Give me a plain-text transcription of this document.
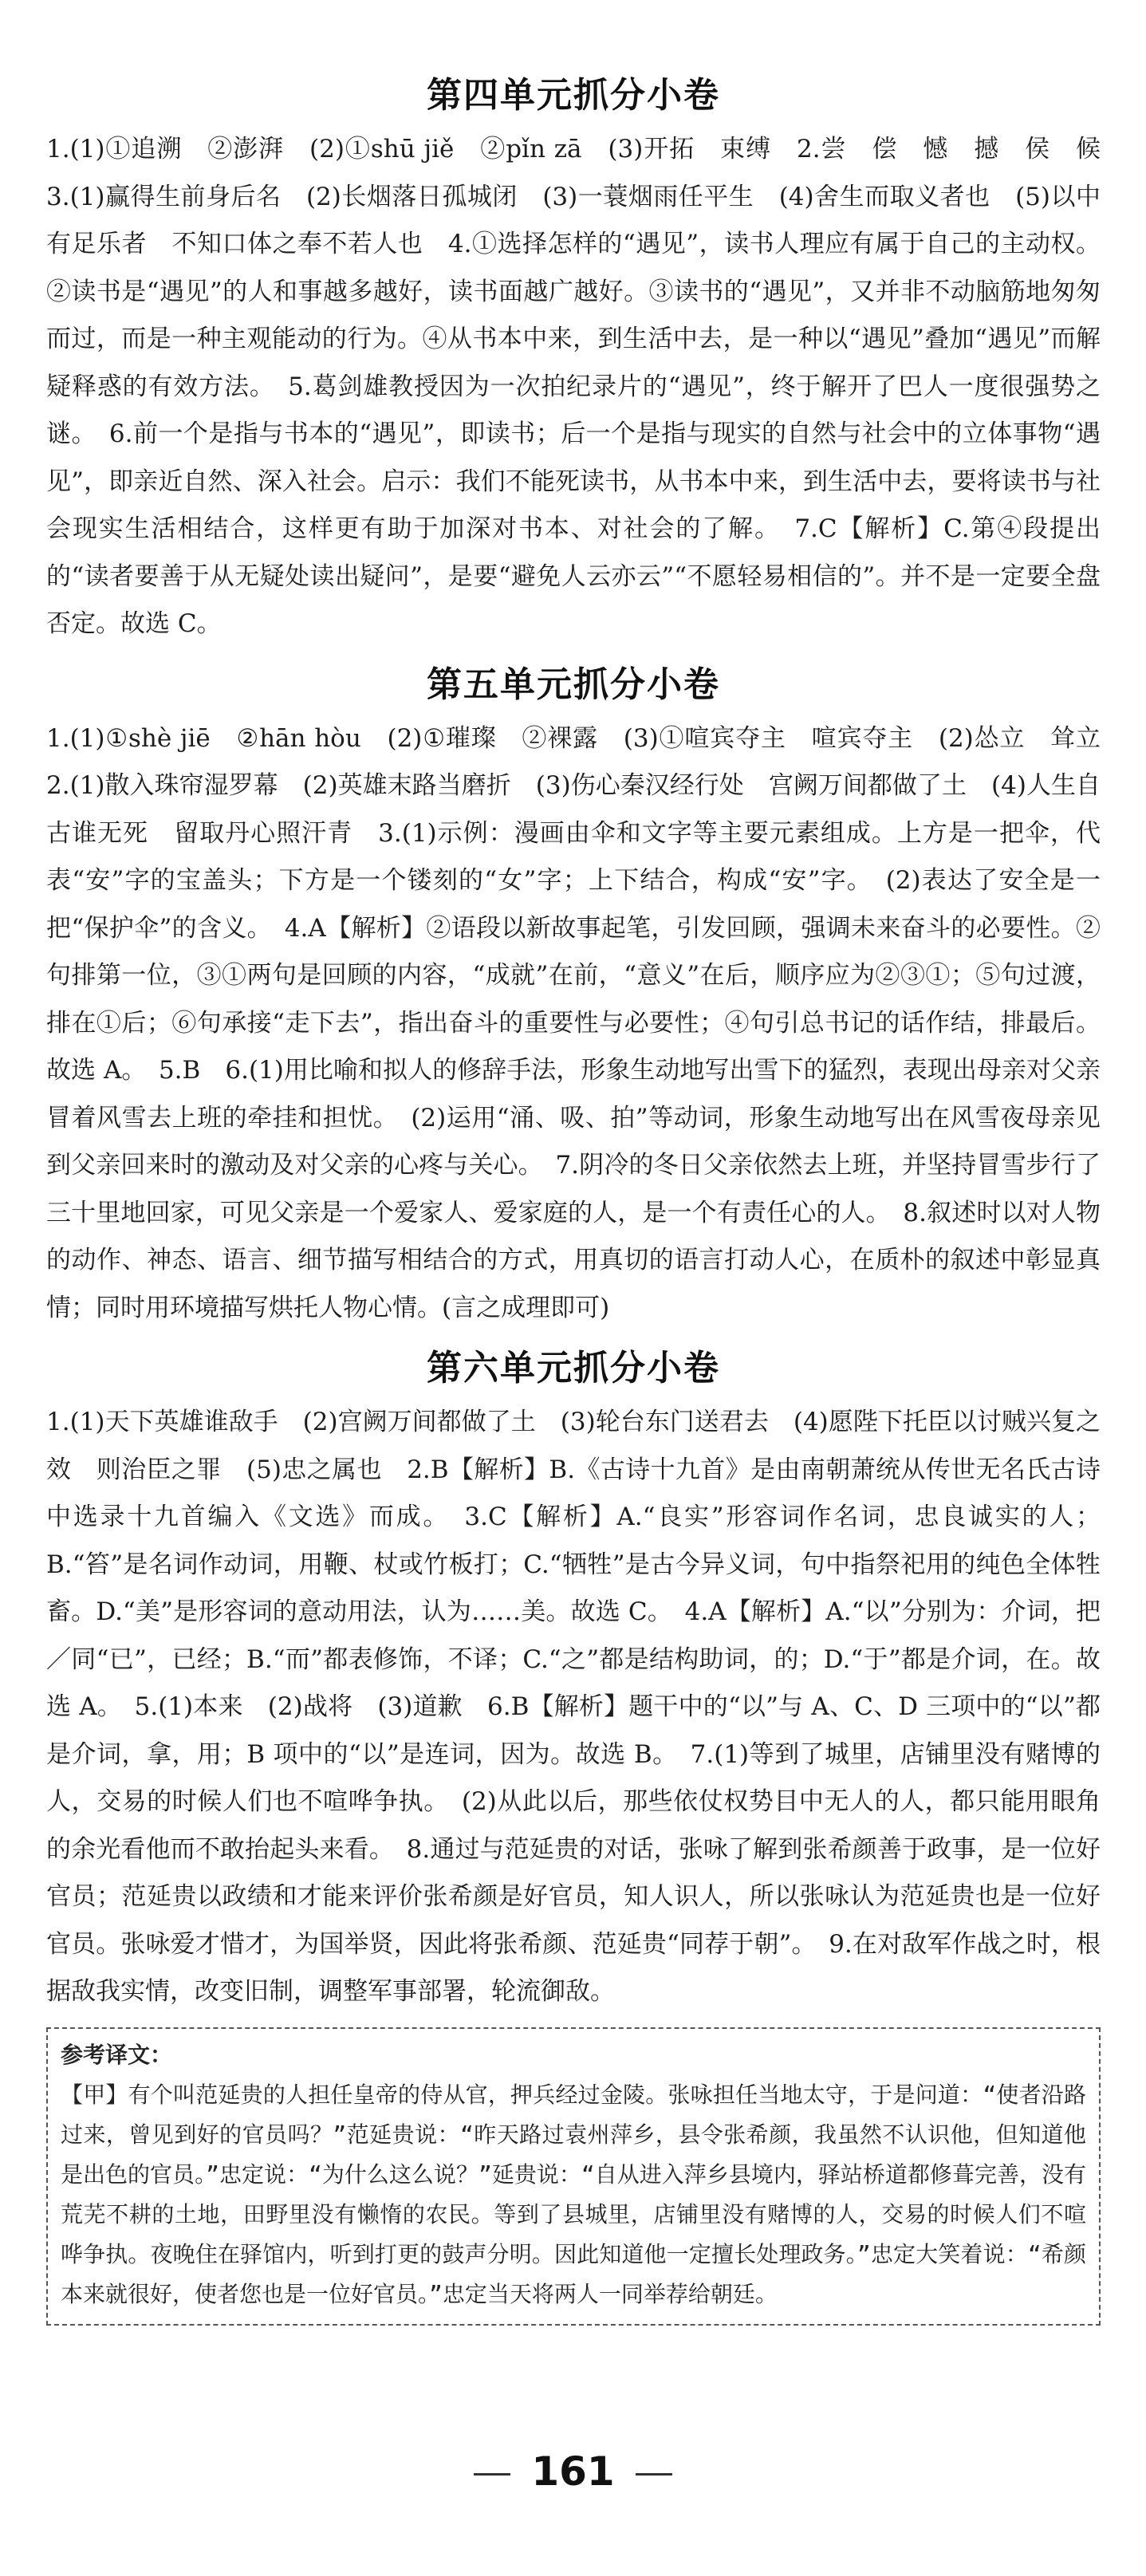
第四单元抓分小卷

1.(1)①追溯　②澎湃　(2)①shū jiě　②pǐn zā　(3)开拓　束缚　2.尝　偿　憾　撼　侯　候　3.(1)赢得生前身后名　(2)长烟落日孤城闭　(3)一蓑烟雨任平生　(4)舍生而取义者也　(5)以中有足乐者　不知口体之奉不若人也　4.①选择怎样的“遇见”，读书人理应有属于自己的主动权。②读书是“遇见”的人和事越多越好，读书面越广越好。③读书的“遇见”，又并非不动脑筋地匆匆而过，而是一种主观能动的行为。④从书本中来，到生活中去，是一种以“遇见”叠加“遇见”而解疑释惑的有效方法。　5.葛剑雄教授因为一次拍纪录片的“遇见”，终于解开了巴人一度很强势之谜。　6.前一个是指与书本的“遇见”，即读书；后一个是指与现实的自然与社会中的立体事物“遇见”，即亲近自然、深入社会。启示：我们不能死读书，从书本中来，到生活中去，要将读书与社会现实生活相结合，这样更有助于加深对书本、对社会的了解。　7.C【解析】C.第④段提出的“读者要善于从无疑处读出疑问”，是要“避免人云亦云”“不愿轻易相信的”。并不是一定要全盘否定。故选 C。

第五单元抓分小卷

1.(1)①shè jiē　②hān hòu　(2)①璀璨　②裸露　(3)①喧宾夺主　喧宾夺主　(2)怂立　耸立　2.(1)散入珠帘湿罗幕　(2)英雄末路当磨折　(3)伤心秦汉经行处　宫阙万间都做了土　(4)人生自古谁无死　留取丹心照汗青　3.(1)示例：漫画由伞和文字等主要元素组成。上方是一把伞，代表“安”字的宝盖头；下方是一个镂刻的“女”字；上下结合，构成“安”字。　(2)表达了安全是一把“保护伞”的含义。　4.A【解析】②语段以新故事起笔，引发回顾，强调未来奋斗的必要性。②句排第一位，③①两句是回顾的内容，“成就”在前，“意义”在后，顺序应为②③①；⑤句过渡，排在①后；⑥句承接“走下去”，指出奋斗的重要性与必要性；④句引总书记的话作结，排最后。故选 A。　5.B　6.(1)用比喻和拟人的修辞手法，形象生动地写出雪下的猛烈，表现出母亲对父亲冒着风雪去上班的牵挂和担忧。　(2)运用“涌、吸、拍”等动词，形象生动地写出在风雪夜母亲见到父亲回来时的激动及对父亲的心疼与关心。　7.阴冷的冬日父亲依然去上班，并坚持冒雪步行了三十里地回家，可见父亲是一个爱家人、爱家庭的人，是一个有责任心的人。　8.叙述时以对人物的动作、神态、语言、细节描写相结合的方式，用真切的语言打动人心，在质朴的叙述中彰显真情；同时用环境描写烘托人物心情。(言之成理即可)

第六单元抓分小卷

1.(1)天下英雄谁敌手　(2)宫阙万间都做了土　(3)轮台东门送君去　(4)愿陛下托臣以讨贼兴复之效　则治臣之罪　(5)忠之属也　2.B【解析】B.《古诗十九首》是由南朝萧统从传世无名氏古诗中选录十九首编入《文选》而成。　3.C【解析】A.“良实”形容词作名词，忠良诚实的人；B.“笞”是名词作动词，用鞭、杖或竹板打；C.“牺牲”是古今异义词，句中指祭祀用的纯色全体牲畜。D.“美”是形容词的意动用法，认为……美。故选 C。　4.A【解析】A.“以”分别为：介词，把／同“已”，已经；B.“而”都表修饰，不译；C.“之”都是结构助词，的；D.“于”都是介词，在。故选 A。　5.(1)本来　(2)战将　(3)道歉　6.B【解析】题干中的“以”与 A、C、D 三项中的“以”都是介词，拿，用；B 项中的“以”是连词，因为。故选 B。　7.(1)等到了城里，店铺里没有赌博的人，交易的时候人们也不喧哗争执。　(2)从此以后，那些依仗权势目中无人的人，都只能用眼角的余光看他而不敢抬起头来看。　8.通过与范延贵的对话，张咏了解到张希颜善于政事，是一位好官员；范延贵以政绩和才能来评价张希颜是好官员，知人识人，所以张咏认为范延贵也是一位好官员。张咏爱才惜才，为国举贤，因此将张希颜、范延贵“同荐于朝”。　9.在对敌军作战之时，根据敌我实情，改变旧制，调整军事部署，轮流御敌。

参考译文：
【甲】有个叫范延贵的人担任皇帝的侍从官，押兵经过金陵。张咏担任当地太守，于是问道：“使者沿路过来，曾见到好的官员吗？”范延贵说：“昨天路过袁州萍乡，县令张希颜，我虽然不认识他，但知道他是出色的官员。”忠定说：“为什么这么说？”延贵说：“自从进入萍乡县境内，驿站桥道都修葺完善，没有荒芜不耕的土地，田野里没有懒惰的农民。等到了县城里，店铺里没有赌博的人，交易的时候人们不喧哗争执。夜晚住在驿馆内，听到打更的鼓声分明。因此知道他一定擅长处理政务。”忠定大笑着说：“希颜本来就很好，使者您也是一位好官员。”忠定当天将两人一同举荐给朝廷。
161
